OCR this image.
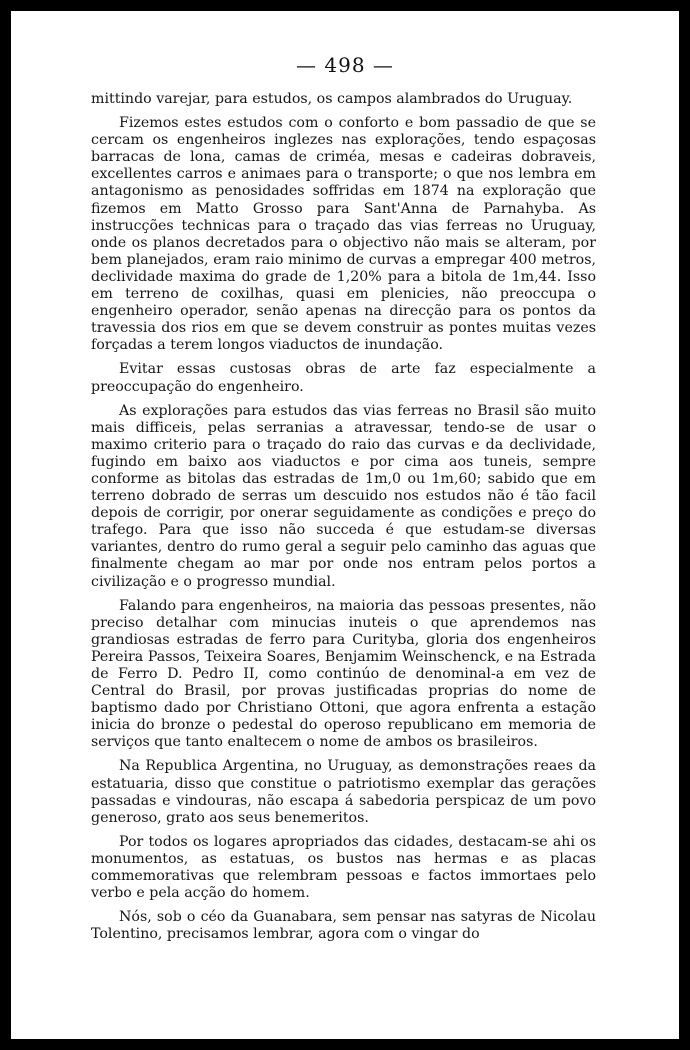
— 498 —

mittindo varejar, para estudos, os campos alambrados do Uruguay.

Fizemos estes estudos com o conforto e bom passadio de que se cercam os engenheiros inglezes nas explorações, tendo espaçosas barracas de lona, camas de criméa, mesas e cadeiras dobraveis, excellentes carros e animaes para o transporte; o que nos lembra em antagonismo as penosidades soffridas em 1874 na exploração que fizemos em Matto Grosso para Sant'Anna de Parnahyba. As instrucções technicas para o traçado das vias ferreas no Uruguay, onde os planos decretados para o objectivo não mais se alteram, por bem planejados, eram raio minimo de curvas a empregar 400 metros, declividade maxima do grade de 1,20% para a bitola de 1m,44. Isso em terreno de coxilhas, quasi em plenicies, não preoccupa o engenheiro operador, senão apenas na direcção para os pontos da travessia dos rios em que se devem construir as pontes muitas vezes forçadas a terem longos viaductos de inundação.

Evitar essas custosas obras de arte faz especialmente a preoccupação do engenheiro.

As explorações para estudos das vias ferreas no Brasil são muito mais difficeis, pelas serranias a atravessar, tendo-se de usar o maximo criterio para o traçado do raio das curvas e da declividade, fugindo em baixo aos viaductos e por cima aos tuneis, sempre conforme as bitolas das estradas de 1m,0 ou 1m,60; sabido que em terreno dobrado de serras um descuido nos estudos não é tão facil depois de corrigir, por onerar seguidamente as condições e preço do trafego. Para que isso não succeda é que estudam-se diversas variantes, dentro do rumo geral a seguir pelo caminho das aguas que finalmente chegam ao mar por onde nos entram pelos portos a civilização e o progresso mundial.

Falando para engenheiros, na maioria das pessoas presentes, não preciso detalhar com minucias inuteis o que aprendemos nas grandiosas estradas de ferro para Curityba, gloria dos engenheiros Pereira Passos, Teixeira Soares, Benjamim Weinschenck, e na Estrada de Ferro D. Pedro II, como continúo de denominal-a em vez de Central do Brasil, por provas justificadas proprias do nome de baptismo dado por Christiano Ottoni, que agora enfrenta a estação inicia do bronze o pedestal do operoso republicano em memoria de serviços que tanto enaltecem o nome de ambos os brasileiros.

Na Republica Argentina, no Uruguay, as demonstrações reaes da estatuaria, disso que constitue o patriotismo exemplar das gerações passadas e vindouras, não escapa á sabedoria perspicaz de um povo generoso, grato aos seus benemeritos.

Por todos os logares apropriados das cidades, destacam-se ahi os monumentos, as estatuas, os bustos nas hermas e as placas commemorativas que relembram pessoas e factos immortaes pelo verbo e pela acção do homem.

Nós, sob o céo da Guanabara, sem pensar nas satyras de Nicolau Tolentino, precisamos lembrar, agora com o vingar do
